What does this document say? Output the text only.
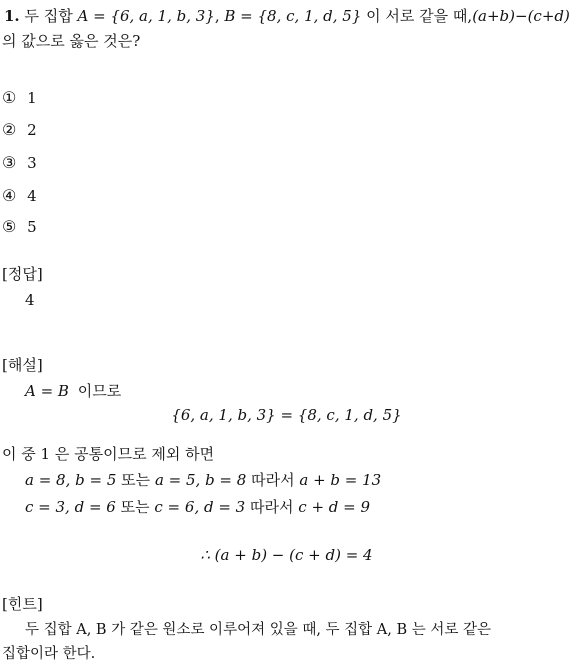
1. 두 집합 A = {6, a, 1, b, 3}, B = {8, c, 1, d, 5} 이 서로 같을 때,(a+b)−(c+d)
의 값으로 옳은 것은?
① 1
② 2
③ 3
④ 4
⑤ 5
[정답]
4
[해설]
A = B 이므로
{6, a, 1, b, 3} = {8, c, 1, d, 5}
이 중 1 은 공통이므로 제외 하면
a = 8, b = 5 또는 a = 5, b = 8 따라서 a + b = 13
c = 3, d = 6 또는 c = 6, d = 3 따라서 c + d = 9
∴ (a + b) − (c + d) = 4
[힌트]
두 집합 A, B 가 같은 원소로 이루어져 있을 때, 두 집합 A, B 는 서로 같은
집합이라 한다.
